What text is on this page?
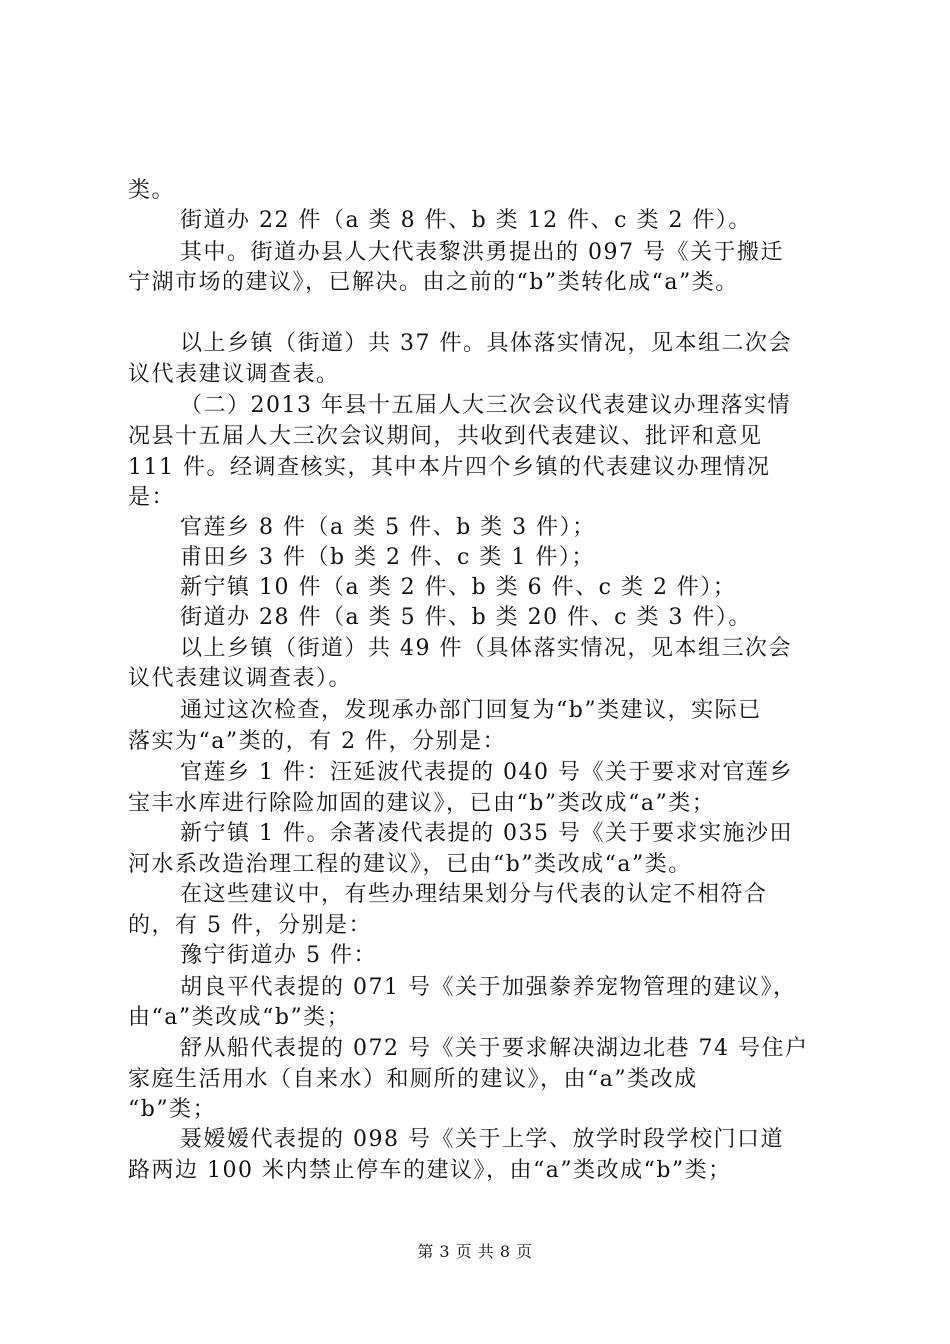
类。
街道办 22 件（a 类 8 件、b 类 12 件、c 类 2 件）。
其中。街道办县人大代表黎洪勇提出的 097 号《关于搬迁
宁湖市场的建议》，已解决。由之前的“b”类转化成“a”类。
以上乡镇（街道）共 37 件。具体落实情况，见本组二次会
议代表建议调查表。
（二）2013 年县十五届人大三次会议代表建议办理落实情
况县十五届人大三次会议期间，共收到代表建议、批评和意见
111 件。经调查核实，其中本片四个乡镇的代表建议办理情况
是：
官莲乡 8 件（a 类 5 件、b 类 3 件）；
甫田乡 3 件（b 类 2 件、c 类 1 件）；
新宁镇 10 件（a 类 2 件、b 类 6 件、c 类 2 件）；
街道办 28 件（a 类 5 件、b 类 20 件、c 类 3 件）。
以上乡镇（街道）共 49 件（具体落实情况，见本组三次会
议代表建议调查表）。
通过这次检查，发现承办部门回复为“b”类建议，实际已
落实为“a”类的，有 2 件，分别是：
官莲乡 1 件：汪延波代表提的 040 号《关于要求对官莲乡
宝丰水库进行除险加固的建议》，已由“b”类改成“a”类；
新宁镇 1 件。余著凌代表提的 035 号《关于要求实施沙田
河水系改造治理工程的建议》，已由“b”类改成“a”类。
在这些建议中，有些办理结果划分与代表的认定不相符合
的，有 5 件，分别是：
豫宁街道办 5 件：
胡良平代表提的 071 号《关于加强豢养宠物管理的建议》，
由“a”类改成“b”类；
舒从船代表提的 072 号《关于要求解决湖边北巷 74 号住户
家庭生活用水（自来水）和厕所的建议》，由“a”类改成
“b”类；
聂嫒嫒代表提的 098 号《关于上学、放学时段学校门口道
路两边 100 米内禁止停车的建议》，由“a”类改成“b”类；
第 3 页 共 8 页
